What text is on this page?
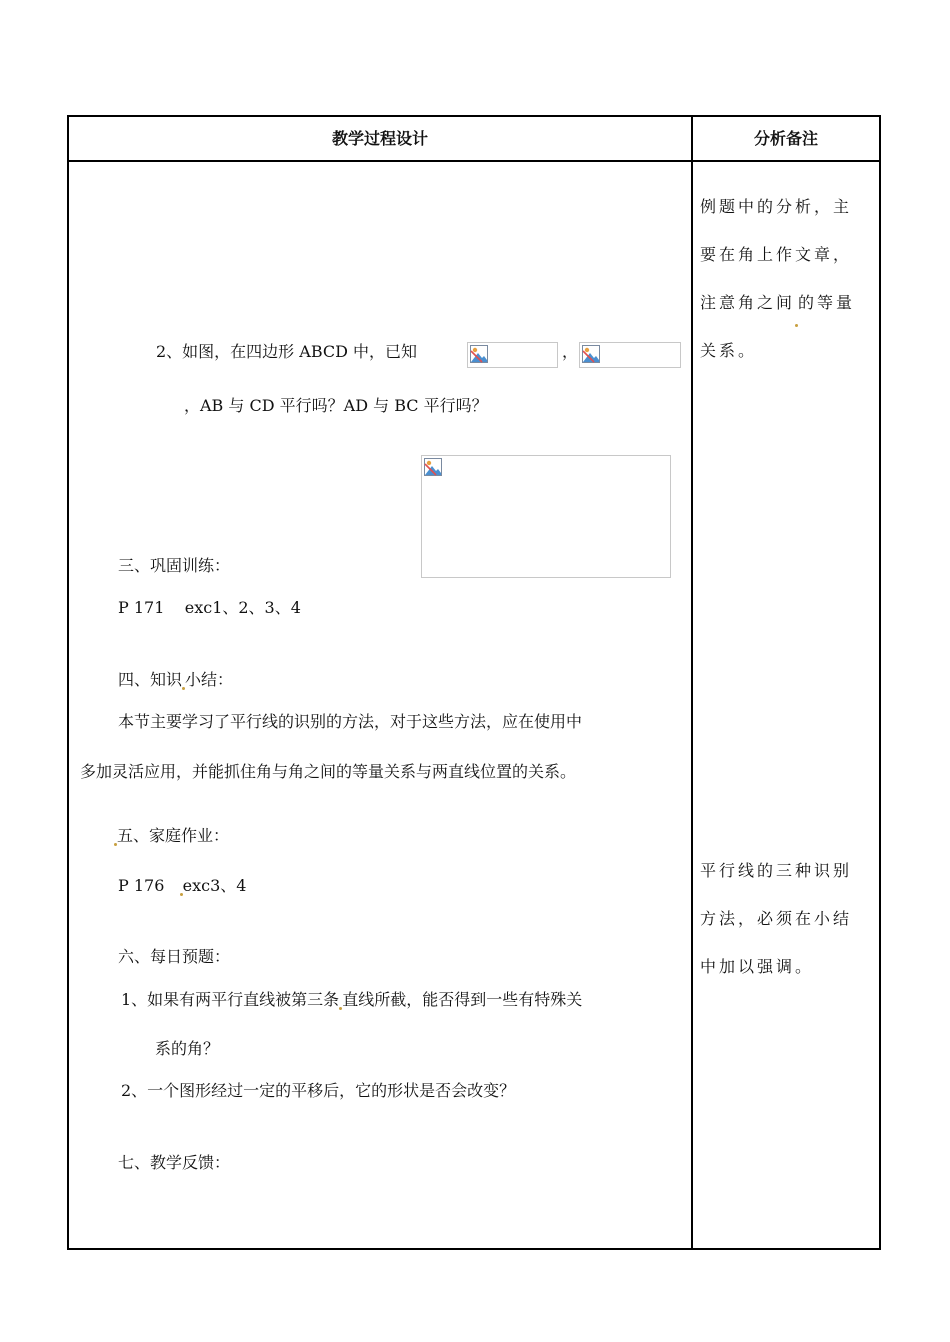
教学过程设计	分析备注
2、如图，在四边形 ABCD 中，已知	，
，AB 与 CD 平行吗？AD 与 BC 平行吗？
三、巩固训练：
P 171    exc1、2、3、4
四、知识 小结：
本节主要学习了平行线的识别的方法，对于这些方法，应在使用中
多加灵活应用，并能抓住角与角之间的等量关系与两直线位置的关系。
五、家庭作业：
P 176   exc3、4
六、每日预题：
1、如果有两平行直线被第三条 直线所截，能否得到一些有特殊关
系的角？
2、一个图形经过一定的平移后，它的形状是否会改变？
七、教学反馈：
例题中的分析，主
要在角上作文章，
注意角之间 的等量
关系。
平行线的三种识别
方法，必须在小结
中加以强调。
